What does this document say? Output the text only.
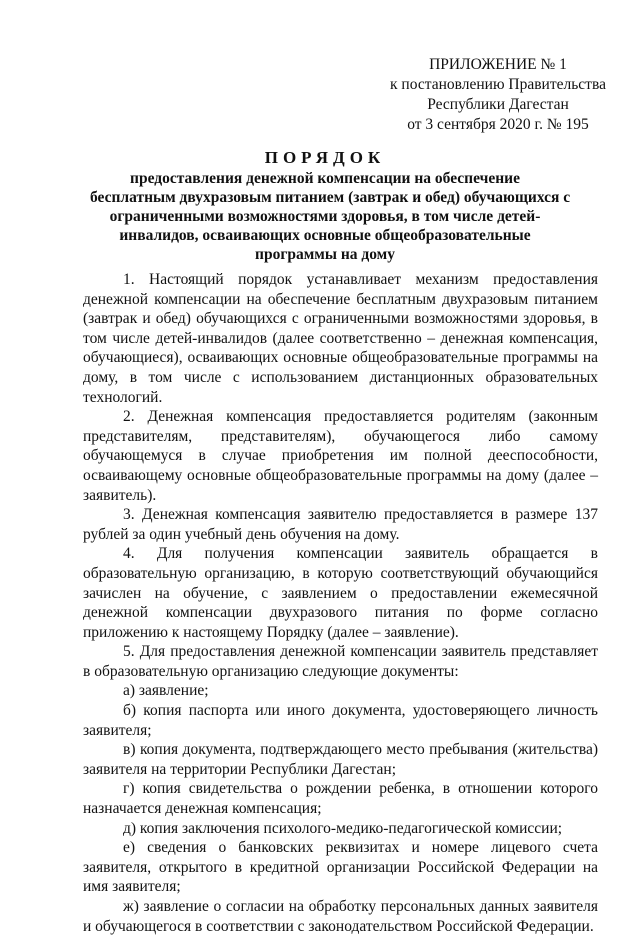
ПРИЛОЖЕНИЕ № 1
к постановлению Правительства
Республики Дагестан
от 3 сентября 2020 г. № 195
ПОРЯДОК
предоставления денежной компенсации на обеспечение
бесплатным двухразовым питанием (завтрак и обед) обучающихся с
ограниченными возможностями здоровья, в том числе детей-
инвалидов, осваивающих основные общеобразовательные
программы на дому

1. Настоящий порядок устанавливает механизм предоставления денежной компенсации на обеспечение бесплатным двухразовым питанием (завтрак и обед) обучающихся с ограниченными возможностями здоровья, в том числе детей-инвалидов (далее соответственно – денежная компенсация, обучающиеся), осваивающих основные общеобразовательные программы на дому, в том числе с использованием дистанционных образовательных технологий.

2. Денежная компенсация предоставляется родителям (законным представителям, представителям), обучающегося либо самому обучающемуся в случае приобретения им полной дееспособности, осваивающему основные общеобразовательные программы на дому (далее – заявитель).

3. Денежная компенсация заявителю предоставляется в размере 137 рублей за один учебный день обучения на дому.

4. Для получения компенсации заявитель обращается в образовательную организацию, в которую соответствующий обучающийся зачислен на обучение, с заявлением о предоставлении ежемесячной денежной компенсации двухразового питания по форме согласно приложению к настоящему Порядку (далее – заявление).

5. Для предоставления денежной компенсации заявитель представляет в образовательную организацию следующие документы:

а) заявление;

б) копия паспорта или иного документа, удостоверяющего личность заявителя;

в) копия документа, подтверждающего место пребывания (жительства) заявителя на территории Республики Дагестан;

г) копия свидетельства о рождении ребенка, в отношении которого назначается денежная компенсация;

д) копия заключения психолого-медико-педагогической комиссии;

е) сведения о банковских реквизитах и номере лицевого счета заявителя, открытого в кредитной организации Российской Федерации на имя заявителя;

ж) заявление о согласии на обработку персональных данных заявителя и обучающегося в соответствии с законодательством Российской Федерации.
